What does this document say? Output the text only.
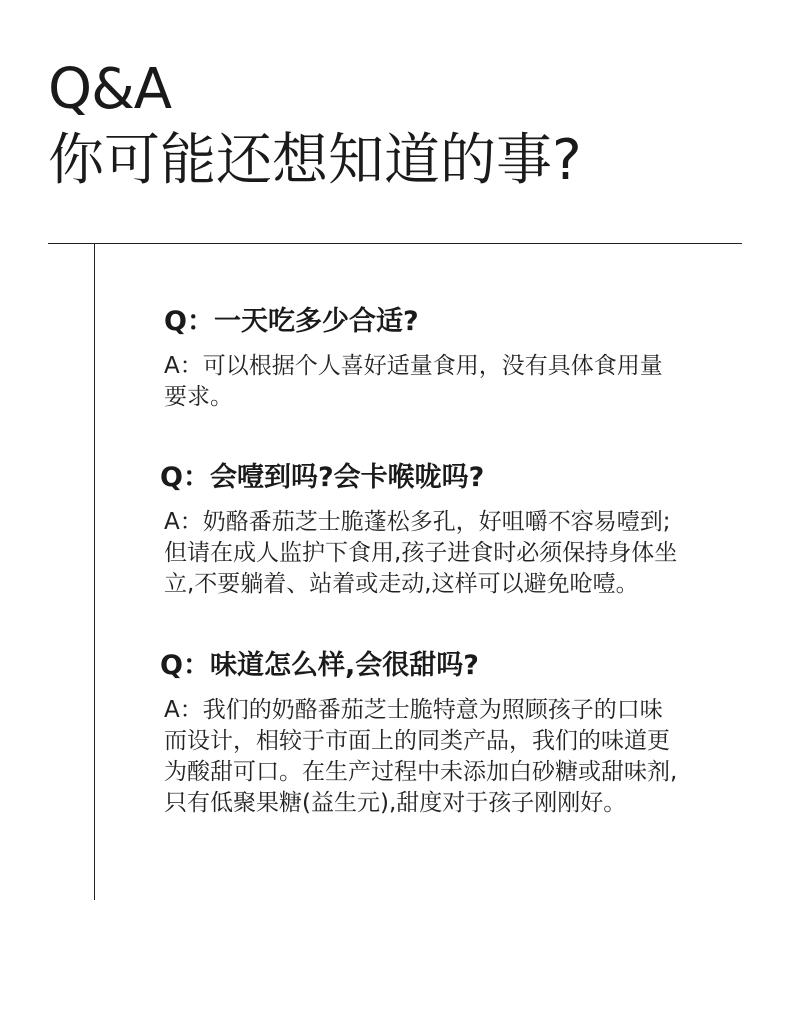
Q&A
你可能还想知道的事?
Q：一天吃多少合适?
A：可以根据个人喜好适量食用，没有具体食用量
要求。
Q：会噎到吗?会卡喉咙吗?
A：奶酪番茄芝士脆蓬松多孔，好咀嚼不容易噎到;
但请在成人监护下食用,孩子进食时必须保持身体坐
立,不要躺着、站着或走动,这样可以避免呛噎。
Q：味道怎么样,会很甜吗?
A：我们的奶酪番茄芝士脆特意为照顾孩子的口味
而设计，相较于市面上的同类产品，我们的味道更
为酸甜可口。在生产过程中未添加白砂糖或甜味剂,
只有低聚果糖(益生元),甜度对于孩子刚刚好。
